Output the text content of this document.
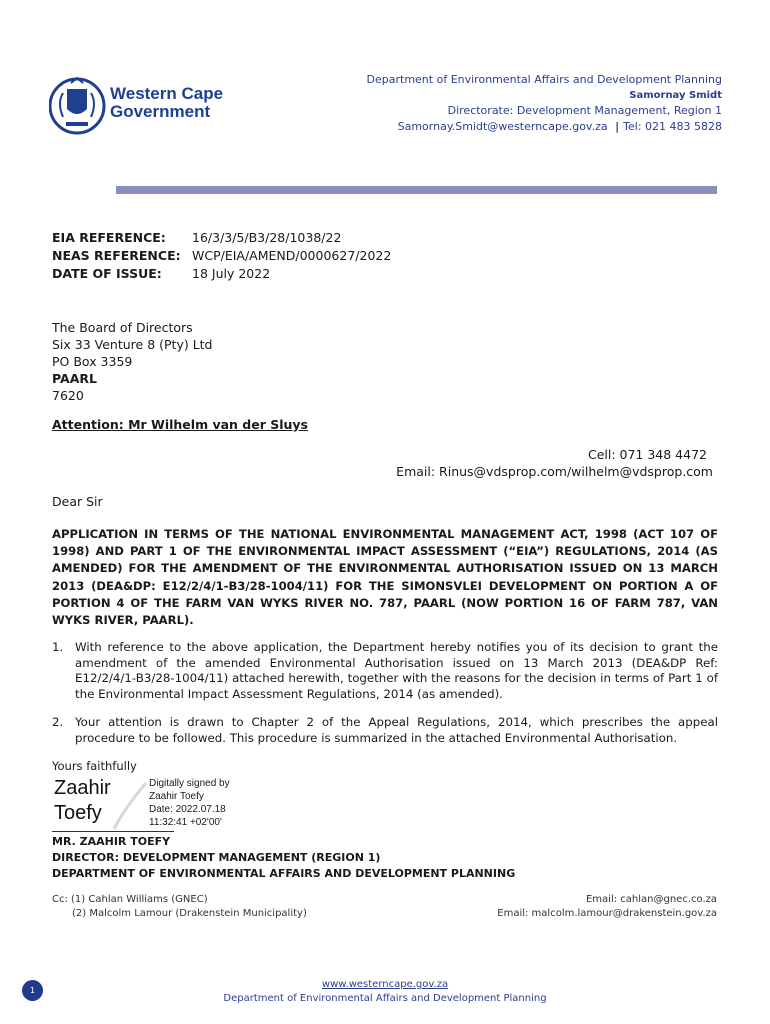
Western Cape
Government
Department of Environmental Affairs and Development Planning
Samornay Smidt
Directorate: Development Management, Region 1
Samornay.Smidt@westerncape.gov.za | Tel: 021 483 5828
EIA REFERENCE: 16/3/3/5/B3/28/1038/22
NEAS REFERENCE: WCP/EIA/AMEND/0000627/2022
DATE OF ISSUE: 18 July 2022
The Board of Directors
Six 33 Venture 8 (Pty) Ltd
PO Box 3359
PAARL
7620
Attention: Mr Wilhelm van der Sluys
Cell: 071 348 4472
Email: Rinus@vdsprop.com/wilhelm@vdsprop.com
Dear Sir
APPLICATION IN TERMS OF THE NATIONAL ENVIRONMENTAL MANAGEMENT ACT, 1998 (ACT 107 OF 1998) AND PART 1 OF THE ENVIRONMENTAL IMPACT ASSESSMENT (“EIA”) REGULATIONS, 2014 (AS AMENDED) FOR THE AMENDMENT OF THE ENVIRONMENTAL AUTHORISATION ISSUED ON 13 MARCH 2013 (DEA&DP: E12/2/4/1-B3/28-1004/11) FOR THE SIMONSVLEI DEVELOPMENT ON PORTION A OF PORTION 4 OF THE FARM VAN WYKS RIVER NO. 787, PAARL (NOW PORTION 16 OF FARM 787, VAN WYKS RIVER, PAARL).
1. With reference to the above application, the Department hereby notifies you of its decision to grant the amendment of the amended Environmental Authorisation issued on 13 March 2013 (DEA&DP Ref: E12/2/4/1-B3/28-1004/11) attached herewith, together with the reasons for the decision in terms of Part 1 of the Environmental Impact Assessment Regulations, 2014 (as amended).
2. Your attention is drawn to Chapter 2 of the Appeal Regulations, 2014, which prescribes the appeal procedure to be followed. This procedure is summarized in the attached Environmental Authorisation.
Yours faithfully
Zaahir
Toefy
Digitally signed by
Zaahir Toefy
Date: 2022.07.18
11:32:41 +02'00'
MR. ZAAHIR TOEFY
DIRECTOR: DEVELOPMENT MANAGEMENT (REGION 1)
DEPARTMENT OF ENVIRONMENTAL AFFAIRS AND DEVELOPMENT PLANNING
Cc: (1) Cahlan Williams (GNEC)
(2) Malcolm Lamour (Drakenstein Municipality)
Email: cahlan@gnec.co.za
Email: malcolm.lamour@drakenstein.gov.za
1
www.westerncape.gov.za
Department of Environmental Affairs and Development Planning
